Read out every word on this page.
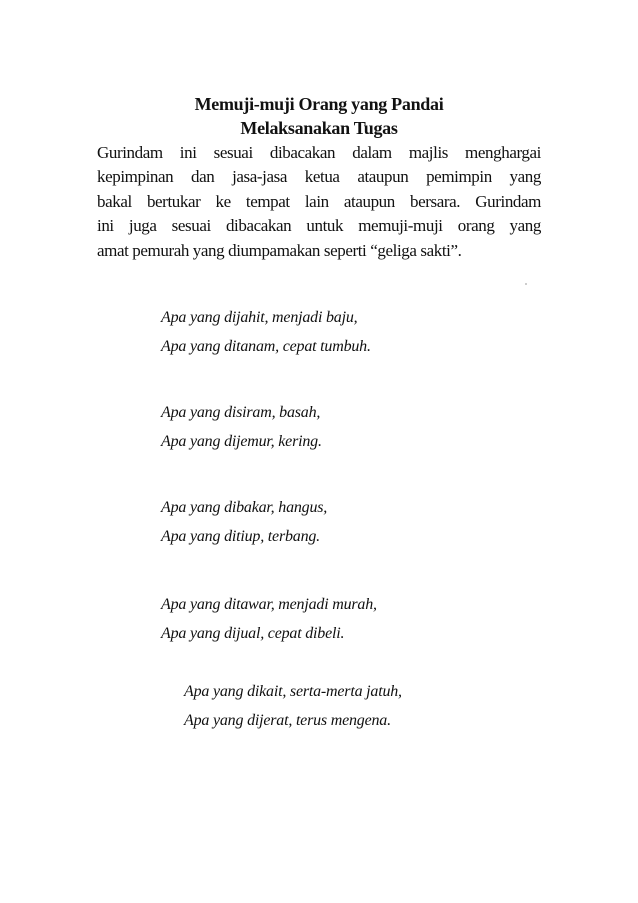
Memuji-muji Orang yang Pandai
Melaksanakan Tugas
Gurindam ini sesuai dibacakan dalam majlis menghargai
kepimpinan dan jasa-jasa ketua ataupun pemimpin yang
bakal bertukar ke tempat lain ataupun bersara. Gurindam
ini juga sesuai dibacakan untuk memuji-muji orang yang
amat pemurah yang diumpamakan seperti “geliga sakti”.
Apa yang dijahit, menjadi baju,
Apa yang ditanam, cepat tumbuh.
Apa yang disiram, basah,
Apa yang dijemur, kering.
Apa yang dibakar, hangus,
Apa yang ditiup, terbang.
Apa yang ditawar, menjadi murah,
Apa yang dijual, cepat dibeli.
Apa yang dikait, serta-merta jatuh,
Apa yang dijerat, terus mengena.
